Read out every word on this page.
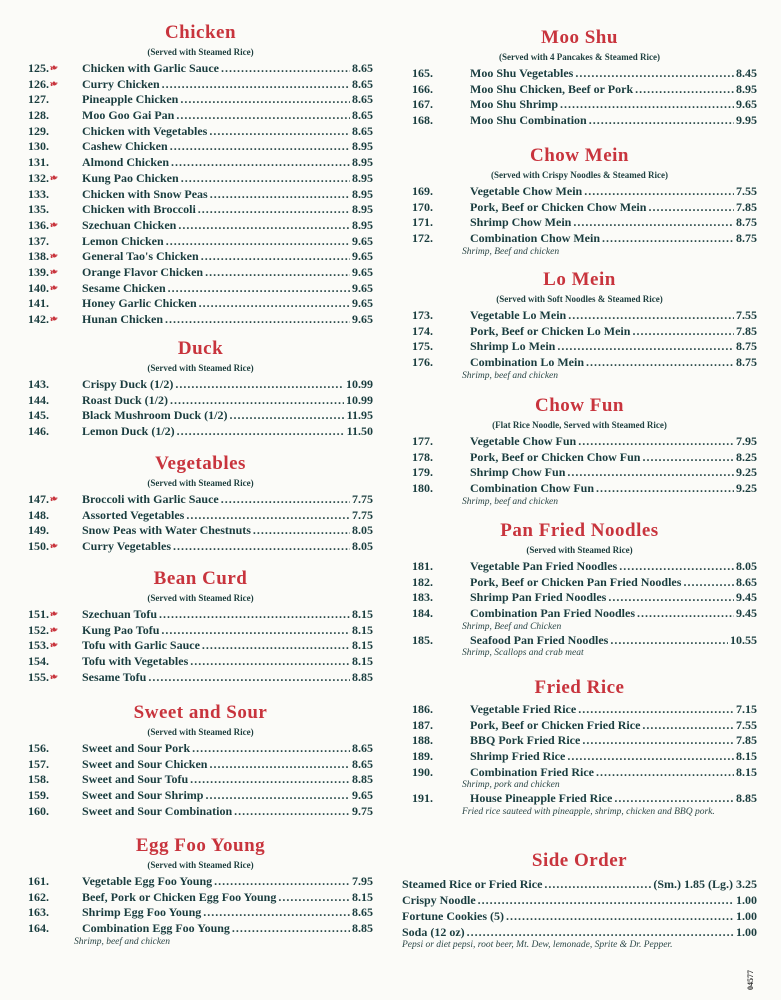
Chicken
(Served with Steamed Rice)
125. ❧ Chicken with Garlic Sauce .....	8.65
126. ❧ Curry Chicken .....	8.65
127.	Pineapple Chicken .....	8.65
128.	Moo Goo Gai Pan .....	8.65
129.	Chicken with Vegetables .....	8.65
130.	Cashew Chicken .....	8.95
131.	Almond Chicken .....	8.95
132. ❧ Kung Pao Chicken .....	8.95
133.	Chicken with Snow Peas .....	8.95
135.	Chicken with Broccoli .....	8.95
136. ❧ Szechuan Chicken .....	8.95
137.	Lemon Chicken .....	9.65
138. ❧ General Tao's Chicken .....	9.65
139. ❧ Orange Flavor Chicken .....	9.65
140. ❧ Sesame Chicken .....	9.65
141.	Honey Garlic Chicken .....	9.65
142. ❧ Hunan Chicken .....	9.65
Duck
(Served with Steamed Rice)
143.	Crispy Duck (1/2) .....	10.99
144.	Roast Duck (1/2) .....	10.99
145.	Black Mushroom Duck (1/2) .....	11.95
146.	Lemon Duck (1/2) .....	11.50
Vegetables
(Served with Steamed Rice)
147. ❧ Broccoli with Garlic Sauce .....	7.75
148.	Assorted Vegetables .....	7.75
149.	Snow Peas with Water Chestnuts .....	8.05
150. ❧ Curry Vegetables .....	8.05
Bean Curd
(Served with Steamed Rice)
151. ❧ Szechuan Tofu .....	8.15
152. ❧ Kung Pao Tofu .....	8.15
153. ❧ Tofu with Garlic Sauce .....	8.15
154.	Tofu with Vegetables .....	8.15
155. ❧ Sesame Tofu .....	8.85
Sweet and Sour
(Served with Steamed Rice)
156.	Sweet and Sour Pork .....	8.65
157.	Sweet and Sour Chicken .....	8.65
158.	Sweet and Sour Tofu .....	8.85
159.	Sweet and Sour Shrimp .....	9.65
160.	Sweet and Sour Combination .....	9.75
Egg Foo Young
(Served with Steamed Rice)
161.	Vegetable Egg Foo Young .....	7.95
162.	Beef, Pork or Chicken Egg Foo Young .....	8.15
163.	Shrimp Egg Foo Young .....	8.65
164.	Combination Egg Foo Young .....	8.85
Shrimp, beef and chicken
Moo Shu
(Served with 4 Pancakes & Steamed Rice)
165.	Moo Shu Vegetables .....	8.45
166.	Moo Shu Chicken, Beef or Pork .....	8.95
167.	Moo Shu Shrimp .....	9.65
168.	Moo Shu Combination .....	9.95
Chow Mein
(Served with Crispy Noodles & Steamed Rice)
169.	Vegetable Chow Mein .....	7.55
170.	Pork, Beef or Chicken Chow Mein .....	7.85
171.	Shrimp Chow Mein .....	8.75
172.	Combination Chow Mein .....	8.75
Shrimp, Beef and chicken
Lo Mein
(Served with Soft Noodles & Steamed Rice)
173.	Vegetable Lo Mein .....	7.55
174.	Pork, Beef or Chicken Lo Mein .....	7.85
175.	Shrimp Lo Mein .....	8.75
176.	Combination Lo Mein .....	8.75
Shrimp, beef and chicken
Chow Fun
(Flat Rice Noodle, Served with Steamed Rice)
177.	Vegetable Chow Fun .....	7.95
178.	Pork, Beef or Chicken Chow Fun .....	8.25
179.	Shrimp Chow Fun .....	9.25
180.	Combination Chow Fun .....	9.25
Shrimp, beef and chicken
Pan Fried Noodles
(Served with Steamed Rice)
181.	Vegetable Pan Fried Noodles .....	8.05
182.	Pork, Beef or Chicken Pan Fried Noodles .....	8.65
183.	Shrimp Pan Fried Noodles .....	9.45
184.	Combination Pan Fried Noodles .....	9.45
Shrimp, Beef and Chicken
185.	Seafood Pan Fried Noodles .....	10.55
Shrimp, Scallops and crab meat
Fried Rice
186.	Vegetable Fried Rice .....	7.15
187.	Pork, Beef or Chicken Fried Rice .....	7.55
188.	BBQ Pork Fried Rice .....	7.85
189.	Shrimp Fried Rice .....	8.15
190.	Combination Fried Rice .....	8.15
Shrimp, pork and chicken
191.	House Pineapple Fried Rice .....	8.85
Fried rice sauteed with pineapple, shrimp, chicken and BBQ pork.
Side Order
Steamed Rice or Fried Rice .....	(Sm.) 1.85 (Lg.) 3.25
Crispy Noodle .....	1.00
Fortune Cookies (5) .....	1.00
Soda (12 oz) .....	1.00
Pepsi or diet pepsi, root beer, Mt. Dew, lemonade, Sprite & Dr. Pepper.
04577
